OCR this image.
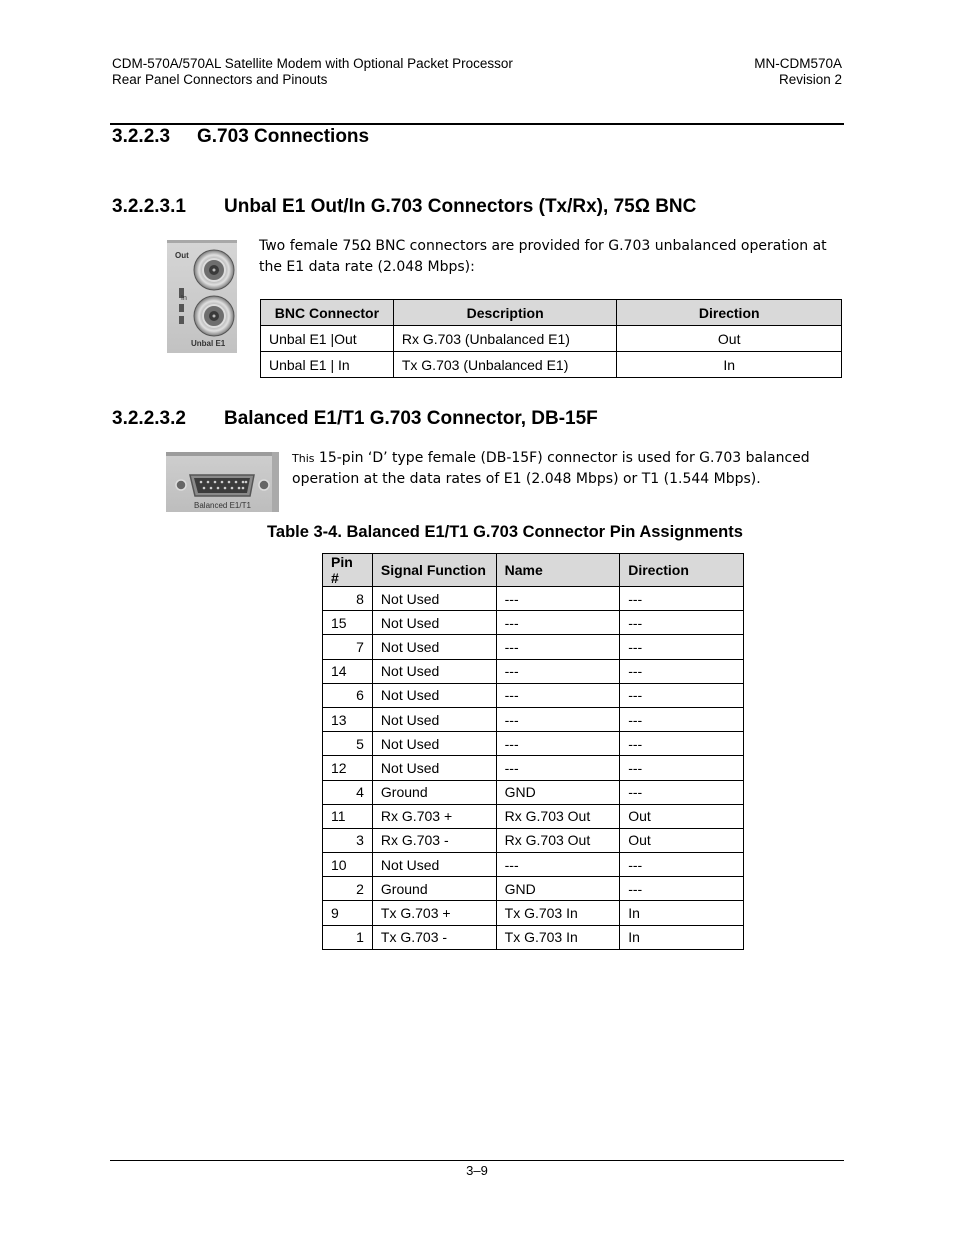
CDM-570A/570AL Satellite Modem with Optional Packet Processor
Rear Panel Connectors and Pinouts
MN-CDM570A
Revision 2
3.2.2.3 G.703 Connections
3.2.2.3.1 Unbal E1 Out/In G.703 Connectors (Tx/Rx), 75Ω BNC
Out
In
Unbal E1
Two female 75Ω BNC connectors are provided for G.703 unbalanced operation at the E1 data rate (2.048 Mbps):
BNC Connector	Description	Direction
Unbal E1 |Out	Rx G.703 (Unbalanced E1)	Out
Unbal E1 | In	Tx G.703 (Unbalanced E1)	In
3.2.2.3.2 Balanced E1/T1 G.703 Connector, DB-15F
Balanced E1/T1
This 15-pin ‘D’ type female (DB-15F) connector is used for G.703 balanced operation at the data rates of E1 (2.048 Mbps) or T1 (1.544 Mbps).
Table 3-4. Balanced E1/T1 G.703 Connector Pin Assignments
Pin #	Signal Function	Name	Direction
8	Not Used	---	---
15	Not Used	---	---
7	Not Used	---	---
14	Not Used	---	---
6	Not Used	---	---
13	Not Used	---	---
5	Not Used	---	---
12	Not Used	---	---
4	Ground	GND	---
11	Rx G.703 +	Rx G.703 Out	Out
3	Rx G.703 -	Rx G.703 Out	Out
10	Not Used	---	---
2	Ground	GND	---
9	Tx G.703 +	Tx G.703 In	In
1	Tx G.703 -	Tx G.703 In	In
3–9
